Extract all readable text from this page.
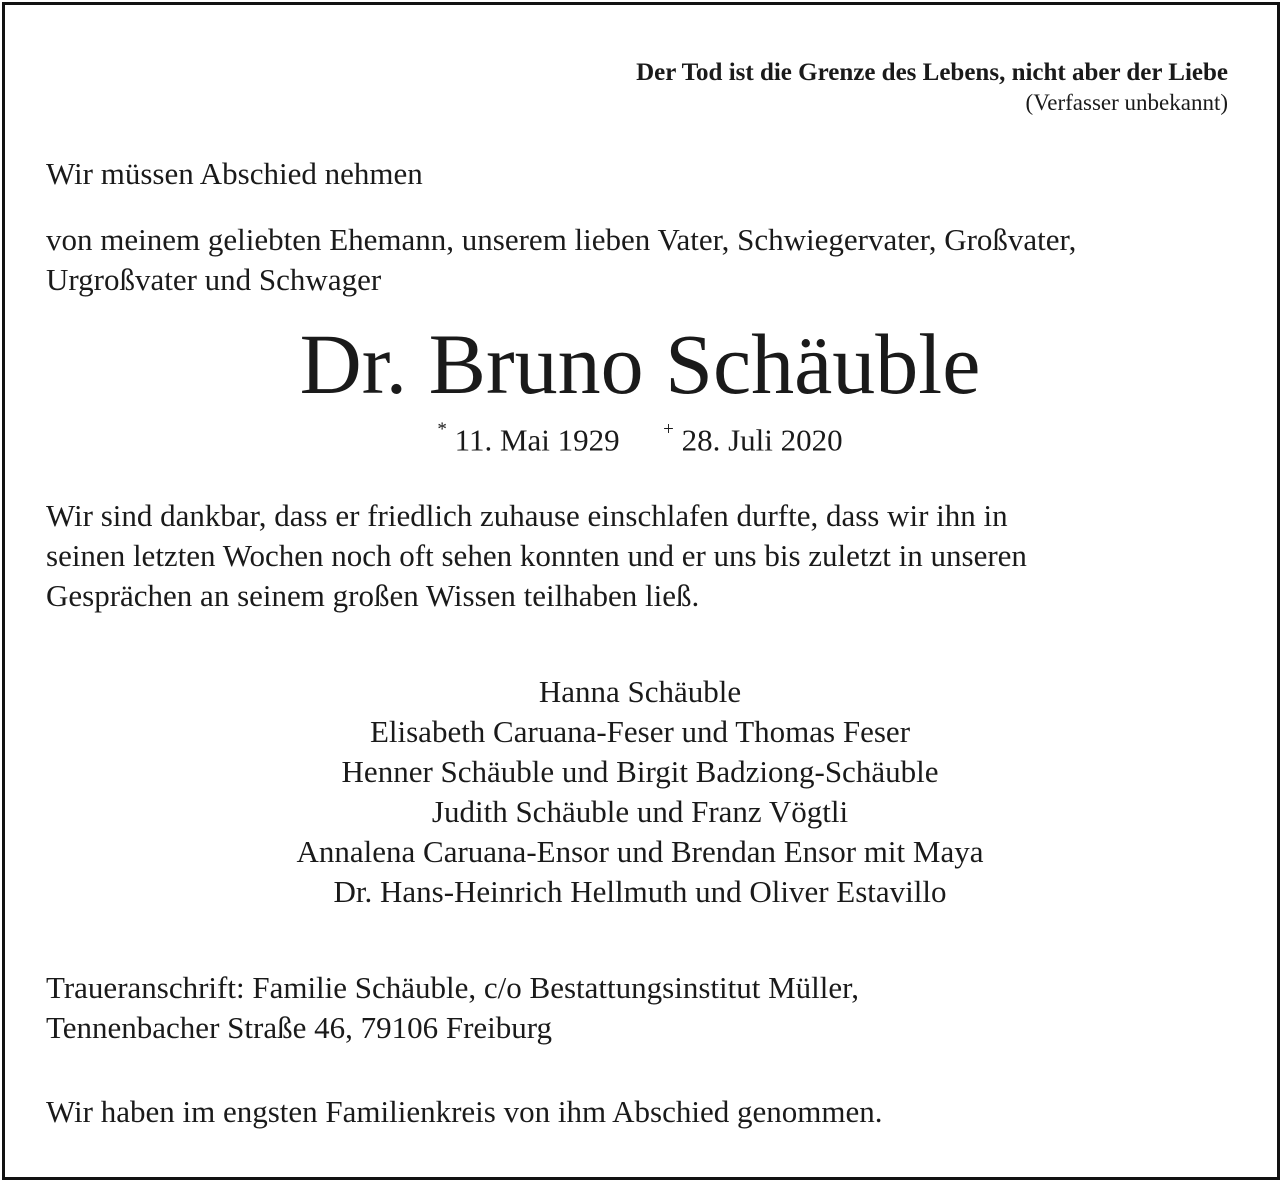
Der Tod ist die Grenze des Lebens, nicht aber der Liebe
(Verfasser unbekannt)
Wir müssen Abschied nehmen
von meinem geliebten Ehemann, unserem lieben Vater, Schwiegervater, Großvater,
Urgroßvater und Schwager
Dr. Bruno Schäuble
* 11. Mai 1929 + 28. Juli 2020
Wir sind dankbar, dass er friedlich zuhause einschlafen durfte, dass wir ihn in
seinen letzten Wochen noch oft sehen konnten und er uns bis zuletzt in unseren
Gesprächen an seinem großen Wissen teilhaben ließ.
Hanna Schäuble
Elisabeth Caruana-Feser und Thomas Feser
Henner Schäuble und Birgit Badziong-Schäuble
Judith Schäuble und Franz Vögtli
Annalena Caruana-Ensor und Brendan Ensor mit Maya
Dr. Hans-Heinrich Hellmuth und Oliver Estavillo
Traueranschrift: Familie Schäuble, c/o Bestattungsinstitut Müller,
Tennenbacher Straße 46, 79106 Freiburg
Wir haben im engsten Familienkreis von ihm Abschied genommen.
